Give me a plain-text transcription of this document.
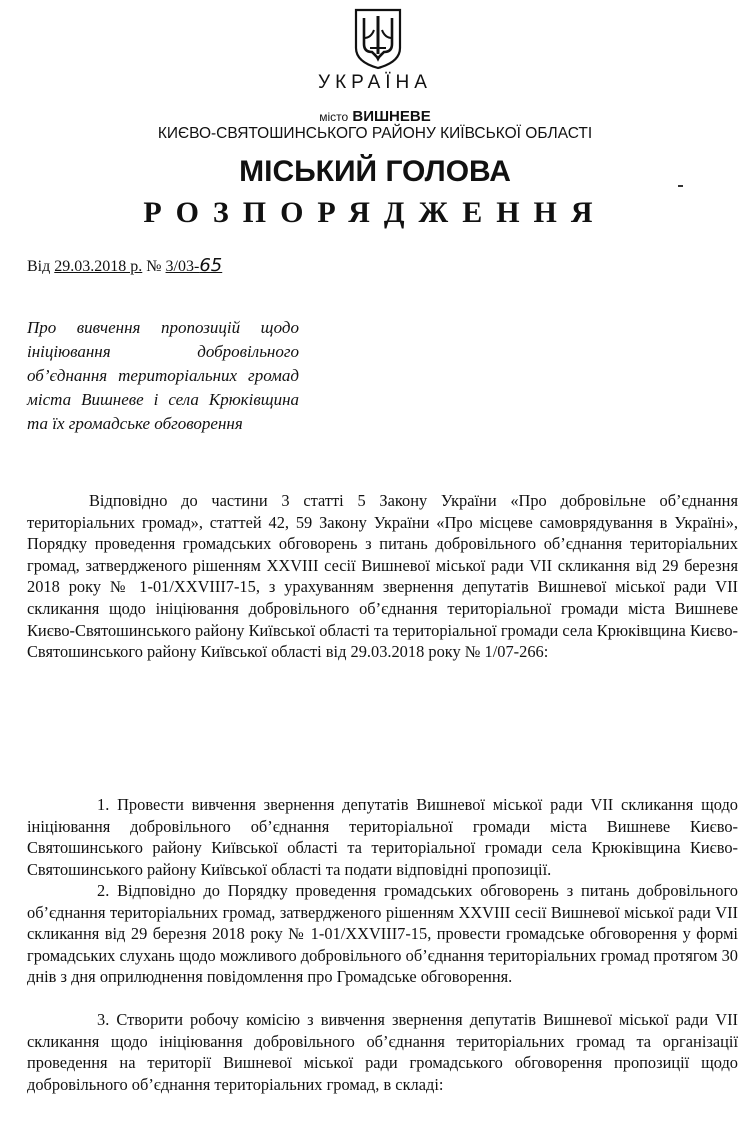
УКРАЇНА
місто ВИШНЕВЕ
КИЄВО-СВЯТОШИНСЬКОГО РАЙОНУ КИЇВСЬКОЇ ОБЛАСТІ
МІСЬКИЙ ГОЛОВА
РОЗПОРЯДЖЕННЯ
Від 29.03.2018 р. № 3/03-65
Про вивчення пропозицій щодо ініціювання добровільного об’єднання територіальних громад міста Вишневе і села Крюківщина та їх громадське обговорення
Відповідно до частини 3 статті 5 Закону України «Про добровільне об’єднання територіальних громад», статтей 42, 59 Закону України «Про місцеве самоврядування в Україні», Порядку проведення громадських обговорень з питань добровільного об’єднання територіальних громад, затвердженого рішенням XXVIII сесії Вишневої міської ради VII скликання від 29 березня 2018 року № 1-01/XXVIII7-15, з урахуванням звернення депутатів Вишневої міської ради VII скликання щодо ініціювання добровільного об’єднання територіальної громади міста Вишневе Києво-Святошинського району Київської області та територіальної громади села Крюківщина Києво-Святошинського району Київської області від 29.03.2018 року № 1/07-266:
1. Провести вивчення звернення депутатів Вишневої міської ради VII скликання щодо ініціювання добровільного об’єднання територіальної громади міста Вишневе Києво-Святошинського району Київської області та територіальної громади села Крюківщина Києво-Святошинського району Київської області та подати відповідні пропозиції.
2. Відповідно до Порядку проведення громадських обговорень з питань добровільного об’єднання територіальних громад, затвердженого рішенням XXVIII сесії Вишневої міської ради VII скликання від 29 березня 2018 року № 1-01/XXVIII7-15, провести громадське обговорення у формі громадських слухань щодо можливого добровільного об’єднання територіальних громад протягом 30 днів з дня оприлюднення повідомлення про Громадське обговорення.
3. Створити робочу комісію з вивчення звернення депутатів Вишневої міської ради VII скликання щодо ініціювання добровільного об’єднання територіальних громад та організації проведення на території Вишневої міської ради громадського обговорення пропозиції щодо добровільного об’єднання територіальних громад, в складі:
